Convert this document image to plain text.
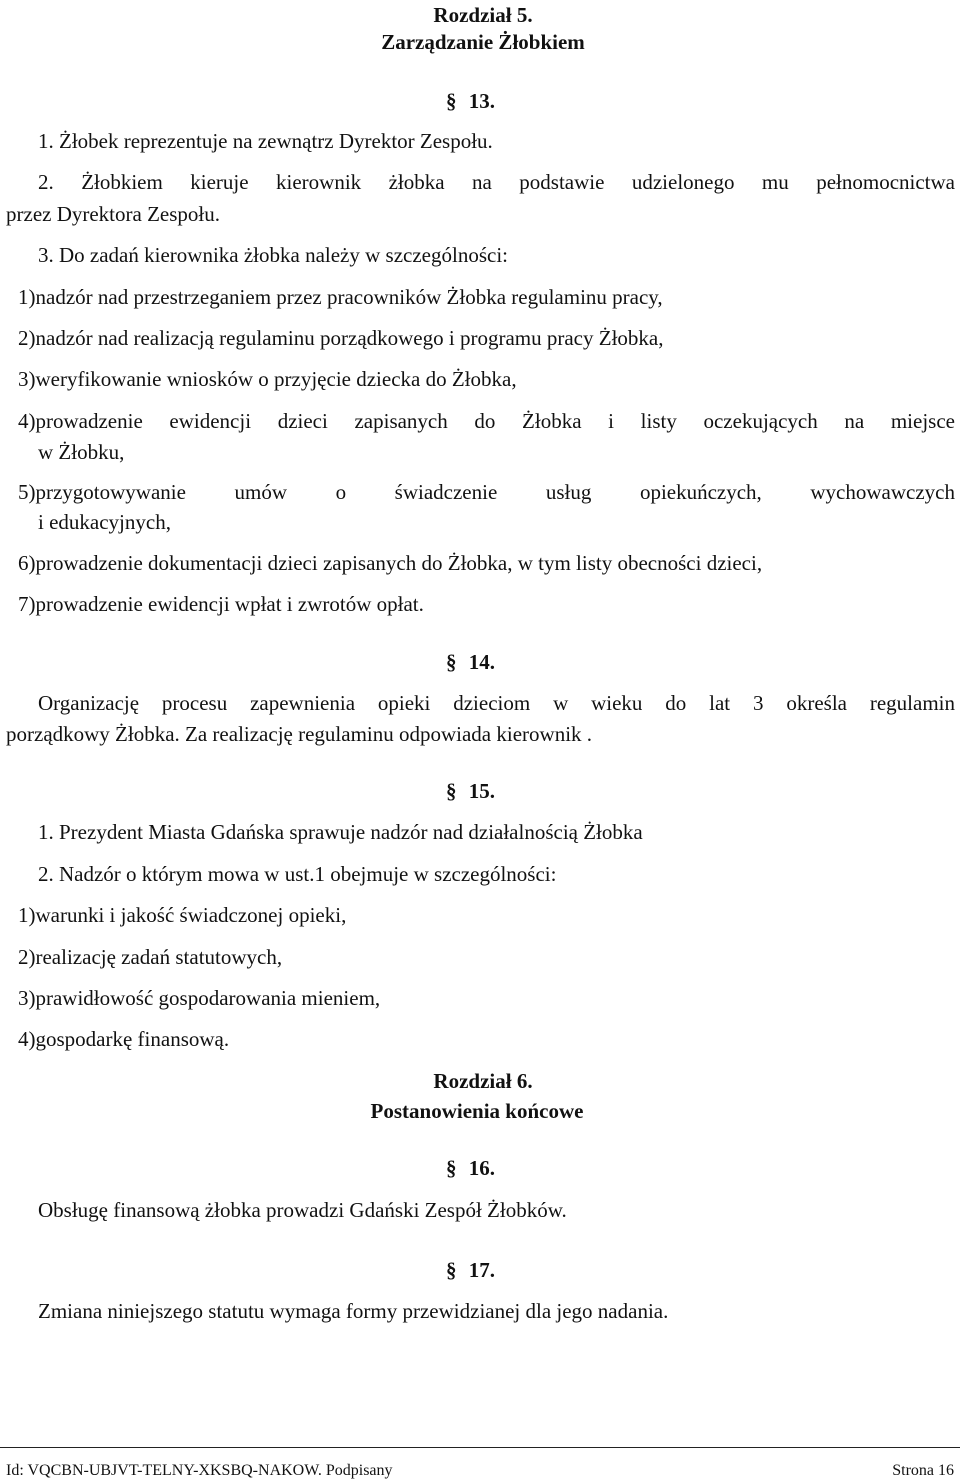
Rozdział 5.
Zarządzanie Żłobkiem
§ 13.
1. Żłobek reprezentuje na zewnątrz Dyrektor Zespołu.
2. Żłobkiem kieruje kierownik żłobka na podstawie udzielonego mu pełnomocnictwa
przez Dyrektora Zespołu.
3. Do zadań kierownika żłobka należy w szczególności:
1)nadzór nad przestrzeganiem przez pracowników Żłobka regulaminu pracy,
2)nadzór nad realizacją regulaminu porządkowego i programu pracy Żłobka,
3)weryfikowanie wniosków o przyjęcie dziecka do Żłobka,
4)prowadzenie ewidencji dzieci zapisanych do Żłobka i listy oczekujących na miejsce
w Żłobku,
5)przygotowywanie umów o świadczenie usług opiekuńczych, wychowawczych
i edukacyjnych,
6)prowadzenie dokumentacji dzieci zapisanych do Żłobka, w tym listy obecności dzieci,
7)prowadzenie ewidencji wpłat i zwrotów opłat.
§ 14.
Organizację procesu zapewnienia opieki dzieciom w wieku do lat 3 określa regulamin
porządkowy Żłobka. Za realizację regulaminu odpowiada kierownik .
§ 15.
1. Prezydent Miasta Gdańska sprawuje nadzór nad działalnością Żłobka
2. Nadzór o którym mowa w ust.1 obejmuje w szczególności:
1)warunki i jakość świadczonej opieki,
2)realizację zadań statutowych,
3)prawidłowość gospodarowania mieniem,
4)gospodarkę finansową.
Rozdział 6.
Postanowienia końcowe
§ 16.
Obsługę finansową żłobka prowadzi Gdański Zespół Żłobków.
§ 17.
Zmiana niniejszego statutu wymaga formy przewidzianej dla jego nadania.
Id: VQCBN-UBJVT-TELNY-XKSBQ-NAKOW. Podpisany	Strona 16
